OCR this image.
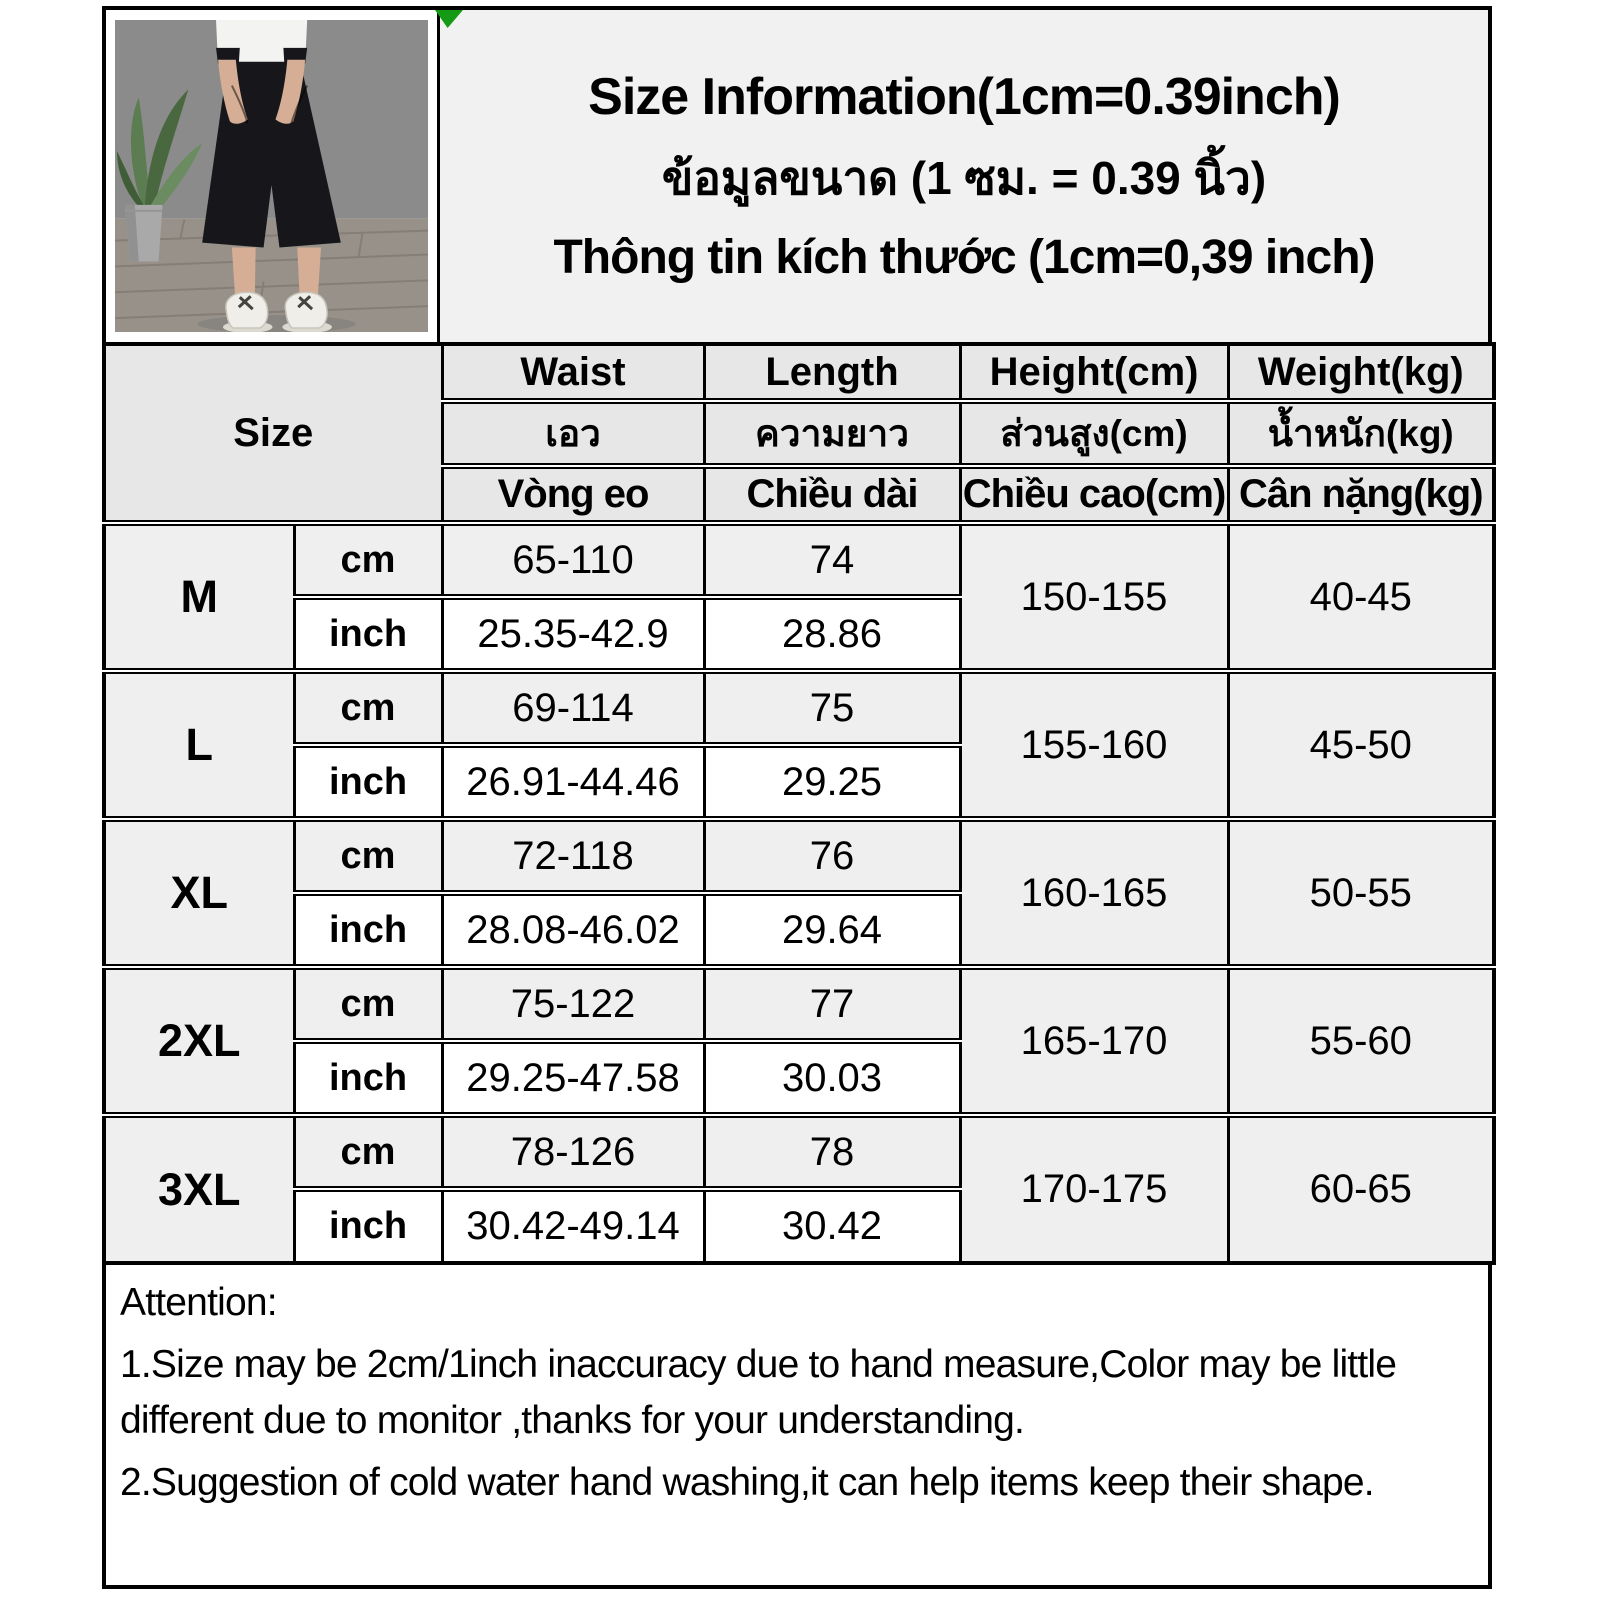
Size Information(1cm=0.39inch)
ข้อมูลขนาด (1 ซม. = 0.39 นิ้ว)
Thông tin kích thước (1cm=0,39 inch)
Size		Waist	Length	Height(cm)	Weight(kg)
		เอว	ความยาว	ส่วนสูง(cm)	น้ำหนัก(kg)
		Vòng eo	Chiều dài	Chiều cao(cm)	Cân nặng(kg)
M	cm	65-110	74	150-155	40-45
	inch	25.35-42.9	28.86		
L	cm	69-114	75	155-160	45-50
	inch	26.91-44.46	29.25		
XL	cm	72-118	76	160-165	50-55
	inch	28.08-46.02	29.64		
2XL	cm	75-122	77	165-170	55-60
	inch	29.25-47.58	30.03		
3XL	cm	78-126	78	170-175	60-65
	inch	30.42-49.14	30.42		
Attention:
1.Size may be 2cm/1inch inaccuracy due to hand measure,Color may be little different due to monitor ,thanks for your understanding.
2.Suggestion of cold water hand washing,it can help items keep their shape.
